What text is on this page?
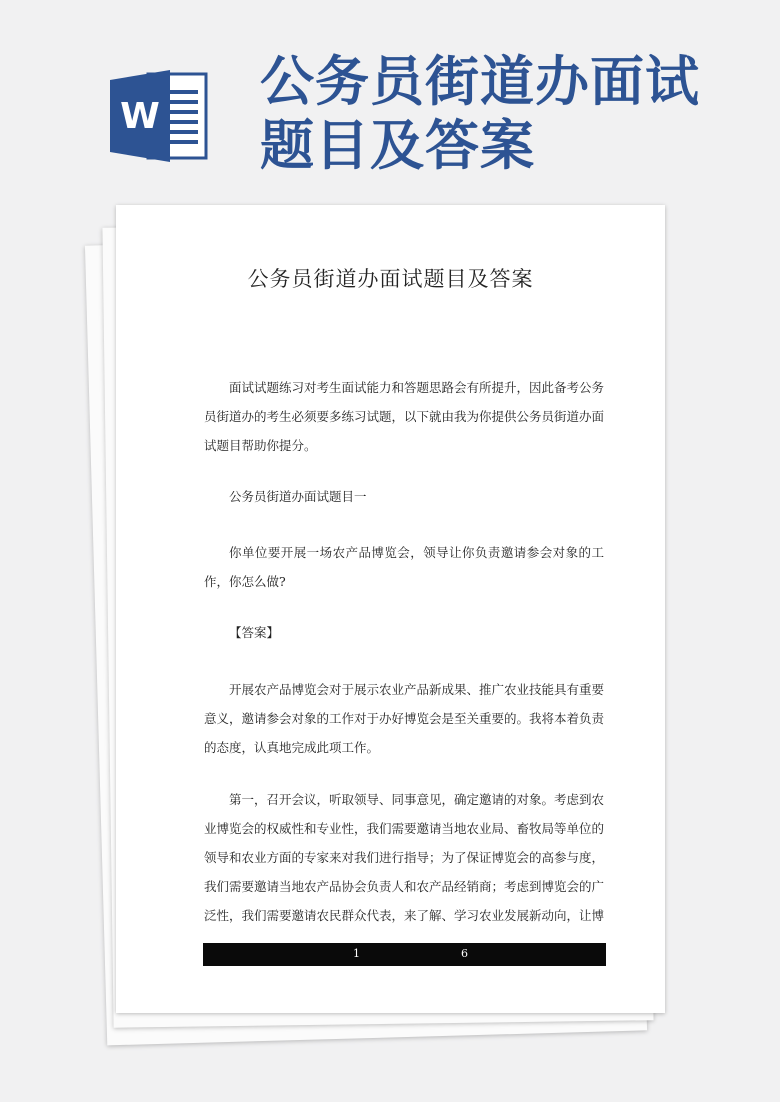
W
公务员街道办面试
题目及答案
公务员街道办面试题目及答案

面试试题练习对考生面试能力和答题思路会有所提升，因此备考公务员街道办的考生必须要多练习试题，以下就由我为你提供公务员街道办面试题目帮助你提分。

公务员街道办面试题目一

你单位要开展一场农产品博览会，领导让你负责邀请参会对象的工作，你怎么做?

【答案】

开展农产品博览会对于展示农业产品新成果、推广农业技能具有重要意义，邀请参会对象的工作对于办好博览会是至关重要的。我将本着负责的态度，认真地完成此项工作。

第一，召开会议，听取领导、同事意见，确定邀请的对象。考虑到农业博览会的权威性和专业性，我们需要邀请当地农业局、畜牧局等单位的领导和农业方面的专家来对我们进行指导；为了保证博览会的高参与度，我们需要邀请当地农产品协会负责人和农产品经销商；考虑到博览会的广泛性，我们需要邀请农民群众代表，来了解、学习农业发展新动向，让博

1	6
